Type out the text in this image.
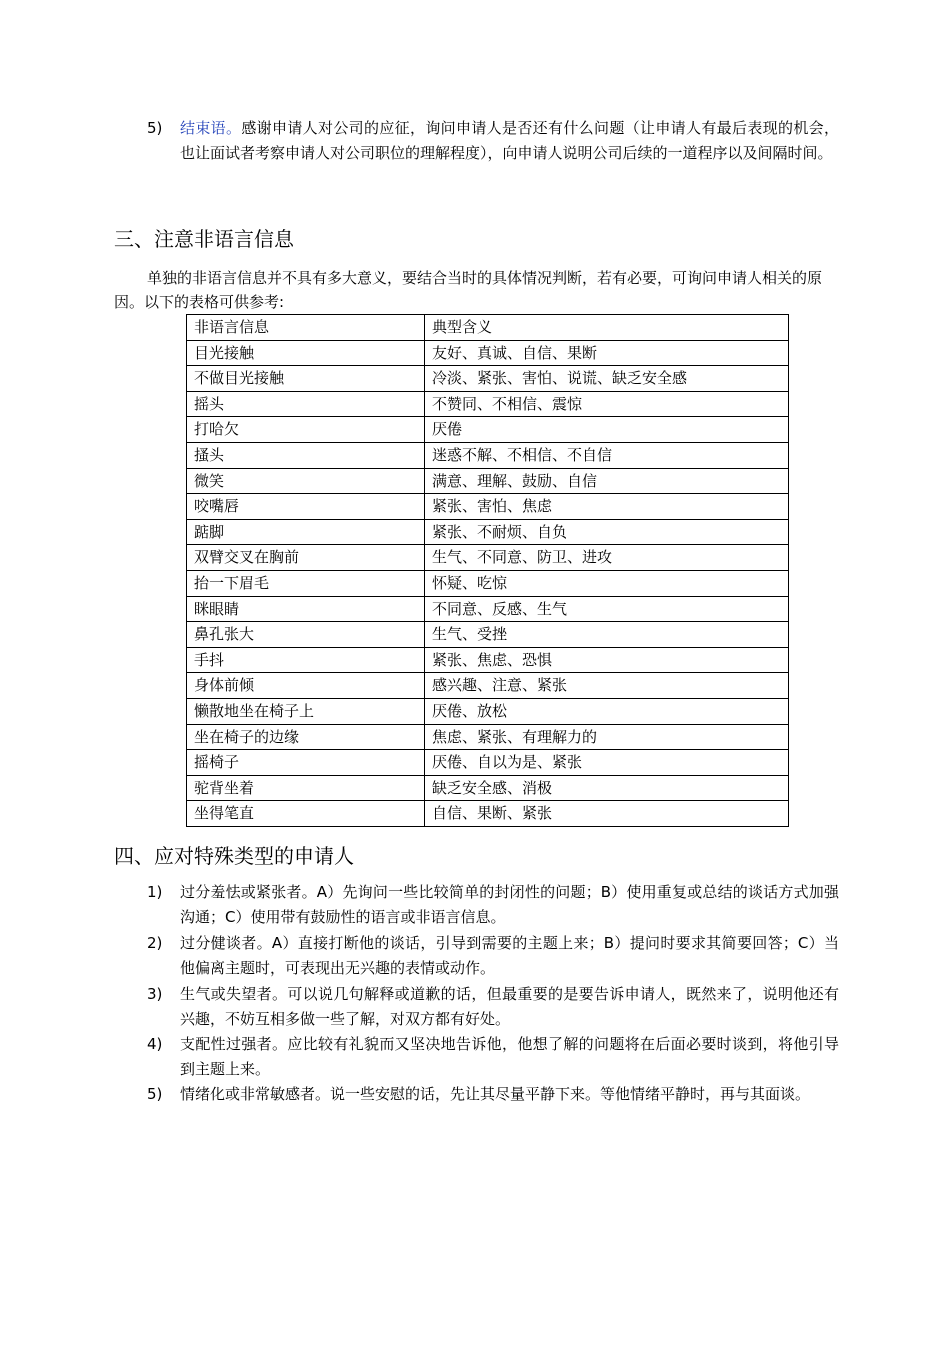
5)	结束语。感谢申请人对公司的应征，询问申请人是否还有什么问题（让申请人有最后表现的机会，也让面试者考察申请人对公司职位的理解程度），向申请人说明公司后续的一道程序以及间隔时间。
三、注意非语言信息

单独的非语言信息并不具有多大意义，要结合当时的具体情况判断，若有必要，可询问申请人相关的原因。以下的表格可供参考:

非语言信息	典型含义
目光接触	友好、真诚、自信、果断
不做目光接触	冷淡、紧张、害怕、说谎、缺乏安全感
摇头	不赞同、不相信、震惊
打哈欠	厌倦
搔头	迷惑不解、不相信、不自信
微笑	满意、理解、鼓励、自信
咬嘴唇	紧张、害怕、焦虑
踮脚	紧张、不耐烦、自负
双臂交叉在胸前	生气、不同意、防卫、进攻
抬一下眉毛	怀疑、吃惊
眯眼睛	不同意、反感、生气
鼻孔张大	生气、受挫
手抖	紧张、焦虑、恐惧
身体前倾	感兴趣、注意、紧张
懒散地坐在椅子上	厌倦、放松
坐在椅子的边缘	焦虑、紧张、有理解力的
摇椅子	厌倦、自以为是、紧张
驼背坐着	缺乏安全感、消极
坐得笔直	自信、果断、紧张
四、应对特殊类型的申请人
1)	过分羞怯或紧张者。A）先询问一些比较简单的封闭性的问题；B）使用重复或总结的谈话方式加强沟通；C）使用带有鼓励性的语言或非语言信息。
2)	过分健谈者。A）直接打断他的谈话，引导到需要的主题上来；B）提问时要求其简要回答；C）当他偏离主题时，可表现出无兴趣的表情或动作。
3)	生气或失望者。可以说几句解释或道歉的话，但最重要的是要告诉申请人，既然来了，说明他还有兴趣，不妨互相多做一些了解，对双方都有好处。
4)	支配性过强者。应比较有礼貌而又坚决地告诉他，他想了解的问题将在后面必要时谈到，将他引导到主题上来。
5)	情绪化或非常敏感者。说一些安慰的话，先让其尽量平静下来。等他情绪平静时，再与其面谈。
